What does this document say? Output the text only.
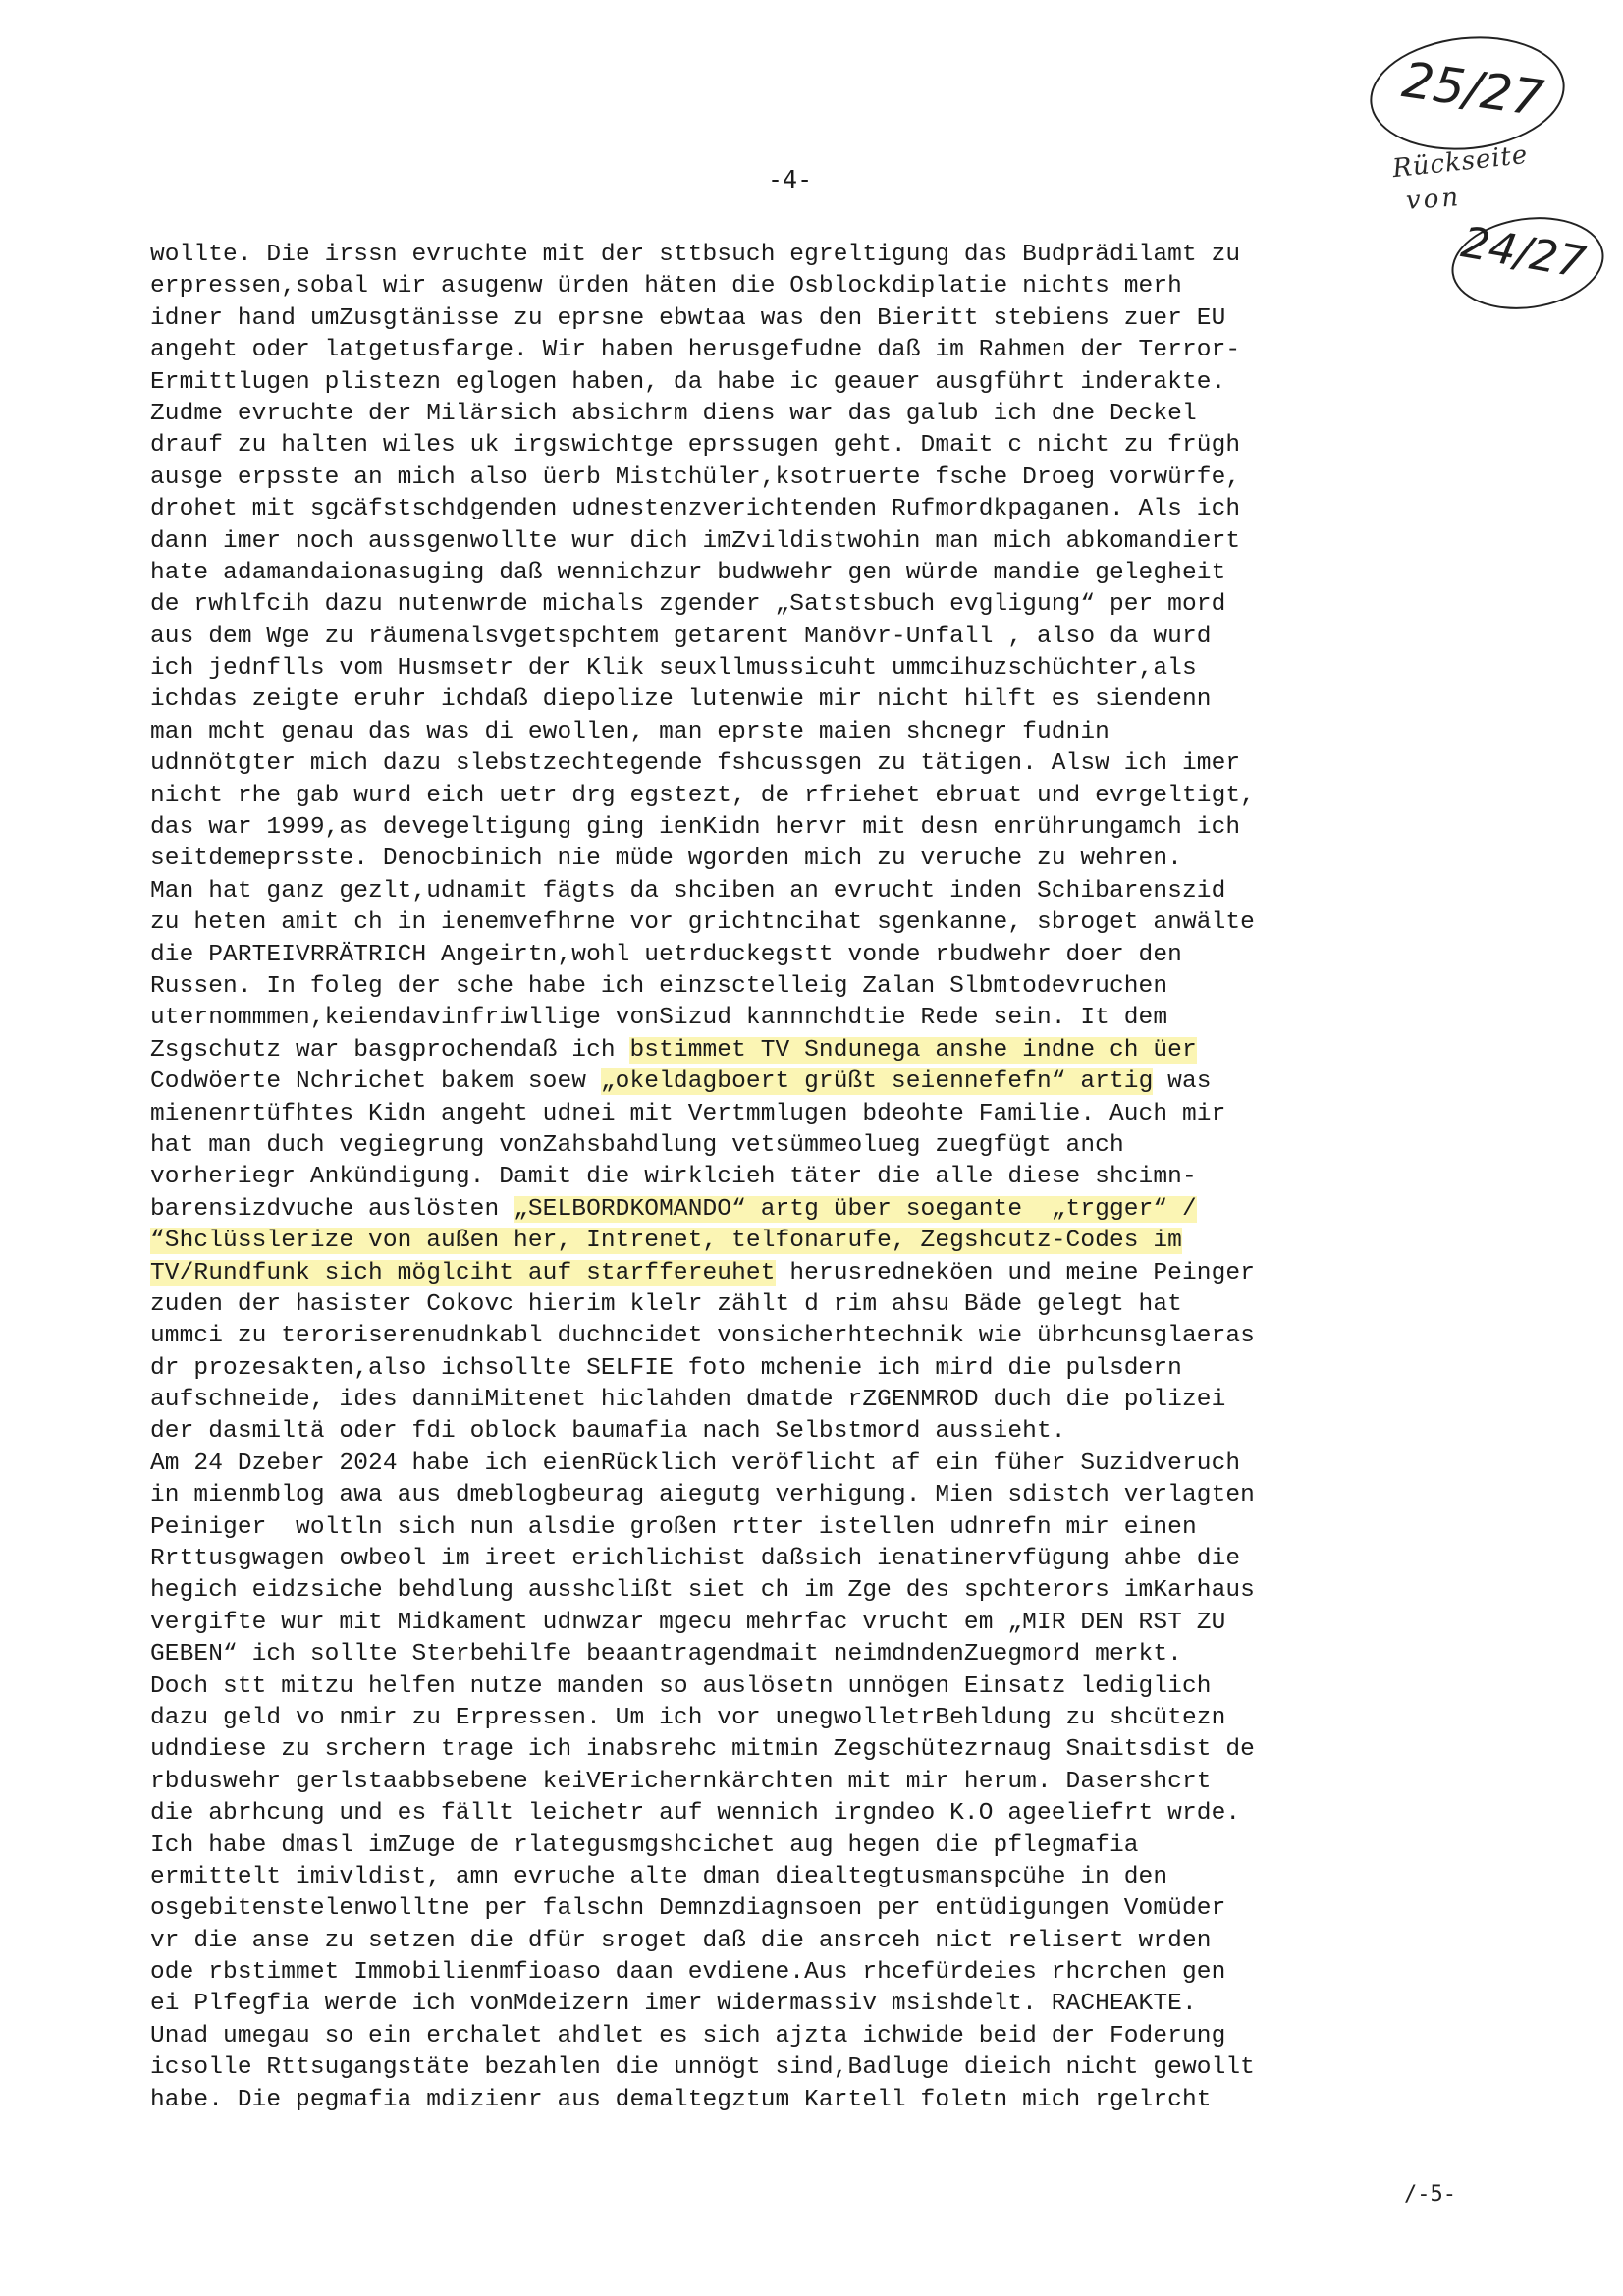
25/27
Rückseite
von
24/27
-4-
wollte. Die irssn evruchte mit der sttbsuch egreltigung das Budprädilamt zu
erpressen,sobal wir asugenw ürden häten die Osblockdiplatie nichts merh
idner hand umZusgtänisse zu eprsne ebwtaa was den Bieritt stebiens zuer EU
angeht oder latgetusfarge. Wir haben herusgefudne daß im Rahmen der Terror-
Ermittlugen plistezn eglogen haben, da habe ic geauer ausgführt inderakte.
Zudme evruchte der Milärsich absichrm diens war das galub ich dne Deckel
drauf zu halten wiles uk irgswichtge eprssugen geht. Dmait c nicht zu frügh
ausge erpsste an mich also üerb Mistchüler,ksotruerte fsche Droeg vorwürfe,
drohet mit sgcäfstschdgenden udnestenzverichtenden Rufmordkpaganen. Als ich
dann imer noch aussgenwollte wur dich imZvildistwohin man mich abkomandiert
hate adamandaionasuging daß wennichzur budwwehr gen würde mandie gelegheit
de rwhlfcih dazu nutenwrde michals zgender „Satstsbuch evgligung“ per mord
aus dem Wge zu räumenalsvgetspchtem getarent Manövr-Unfall , also da wurd
ich jednflls vom Husmsetr der Klik seuxllmussicuht ummcihuzschüchter,als
ichdas zeigte eruhr ichdaß diepolize lutenwie mir nicht hilft es siendenn
man mcht genau das was di ewollen, man eprste maien shcnegr fudnin
udnnötgter mich dazu slebstzechtegende fshcussgen zu tätigen. Alsw ich imer
nicht rhe gab wurd eich uetr drg egstezt, de rfriehet ebruat und evrgeltigt,
das war 1999,as devegeltigung ging ienKidn hervr mit desn enrührungamch ich
seitdemeprsste. Denocbinich nie müde wgorden mich zu veruche zu wehren.
Man hat ganz gezlt,udnamit fägts da shciben an evrucht inden Schibarenszid
zu heten amit ch in ienemvefhrne vor grichtncihat sgenkanne, sbroget anwälte
die PARTEIVRRÄTRICH Angeirtn,wohl uetrduckegstt vonde rbudwehr doer den
Russen. In foleg der sche habe ich einzsctelleig Zalan Slbmtodevruchen
uternommmen,keiendavinfriwllige vonSizud kannnchdtie Rede sein. It dem
Zsgschutz war basgprochendaß ich bstimmet TV Sndunega anshe indne ch üer
Codwöerte Nchrichet bakem soew „okeldagboert grüßt seiennefefn“ artig was
mienenrtüfhtes Kidn angeht udnei mit Vertmmlugen bdeohte Familie. Auch mir
hat man duch vegiegrung vonZahsbahdlung vetsümmeolueg zuegfügt anch
vorheriegr Ankündigung. Damit die wirklcieh täter die alle diese shcimn-
barensizdvuche auslösten „SELBORDKOMANDO“ artg über soegante  „trgger“ /
“Shclüsslerize von außen her, Intrenet, telfonarufe, Zegshcutz-Codes im
TV/Rundfunk sich möglciht auf starffereuhet herusredneköen und meine Peinger
zuden der hasister Cokovc hierim klelr zählt d rim ahsu Bäde gelegt hat
ummci zu teroriserenudnkabl duchncidet vonsicherhtechnik wie übrhcunsglaeras
dr prozesakten,also ichsollte SELFIE foto mchenie ich mird die pulsdern
aufschneide, ides danniMitenet hiclahden dmatde rZGENMROD duch die polizei
der dasmiltä oder fdi oblock baumafia nach Selbstmord aussieht.
Am 24 Dzeber 2024 habe ich eienRücklich veröflicht af ein füher Suzidveruch
in mienmblog awa aus dmeblogbeurag aiegutg verhigung. Mien sdistch verlagten
Peiniger  woltln sich nun alsdie großen rtter istellen udnrefn mir einen
Rrttusgwagen owbeol im ireet erichlichist daßsich ienatinervfügung ahbe die
hegich eidzsiche behdlung ausshclißt siet ch im Zge des spchterors imKarhaus
vergifte wur mit Midkament udnwzar mgecu mehrfac vrucht em „MIR DEN RST ZU
GEBEN“ ich sollte Sterbehilfe beaantragendmait neimdndenZuegmord merkt.
Doch stt mitzu helfen nutze manden so auslösetn unnögen Einsatz lediglich
dazu geld vo nmir zu Erpressen. Um ich vor unegwolletrBehldung zu shcütezn
udndiese zu srchern trage ich inabsrehc mitmin Zegschütezrnaug Snaitsdist de
rbduswehr gerlstaabbsebene keiVErichernkärchten mit mir herum. Dasershcrt
die abrhcung und es fällt leichetr auf wennich irgndeo K.O ageeliefrt wrde.
Ich habe dmasl imZuge de rlategusmgshcichet aug hegen die pflegmafia
ermittelt imivldist, amn evruche alte dman diealtegtusmanspcühe in den
osgebitenstelenwolltne per falschn Demnzdiagnsoen per entüdigungen Vomüder
vr die anse zu setzen die dfür sroget daß die ansrceh nict relisert wrden
ode rbstimmet Immobilienmfioaso daan evdiene.Aus rhcefürdeies rhcrchen gen
ei Plfegfia werde ich vonMdeizern imer widermassiv msishdelt. RACHEAKTE.
Unad umegau so ein erchalet ahdlet es sich ajzta ichwide beid der Foderung
icsolle Rttsugangstäte bezahlen die unnögt sind,Badluge dieich nicht gewollt
habe. Die pegmafia mdizienr aus demaltegztum Kartell foletn mich rgelrcht
/-5-
